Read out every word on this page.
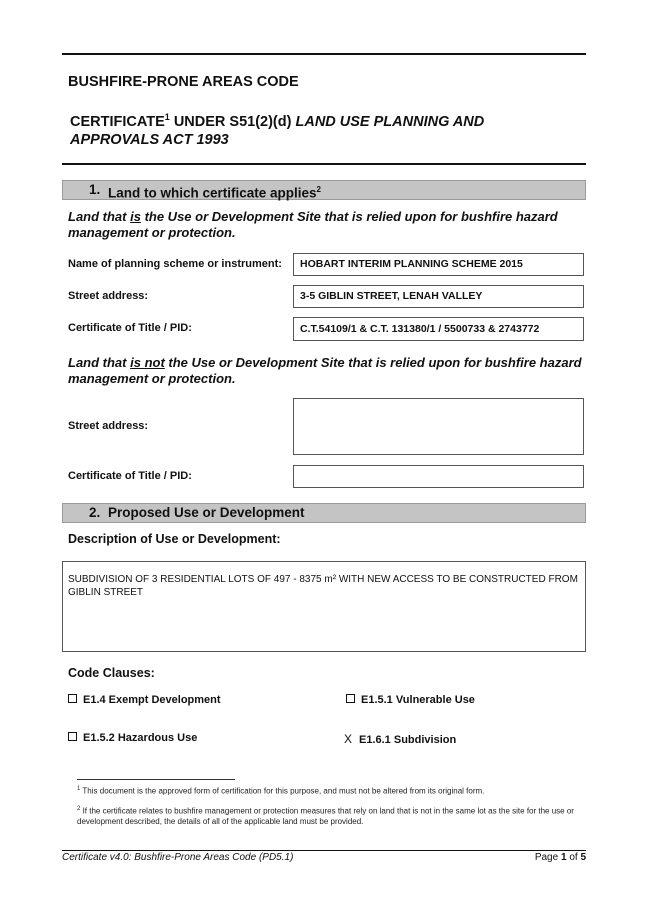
BUSHFIRE-PRONE AREAS CODE
CERTIFICATE$^1$ UNDER S51(2)(d) LAND USE PLANNING AND APPROVALS ACT 1993
1. Land to which certificate applies$^2$
Land that is the Use or Development Site that is relied upon for bushfire hazard management or protection.
Name of planning scheme or instrument:	HOBART INTERIM PLANNING SCHEME 2015
Street address:	3-5 GIBLIN STREET, LENAH VALLEY
Certificate of Title / PID:	C.T.54109/1 & C.T. 131380/1 / 5500733 & 2743772
Land that is not the Use or Development Site that is relied upon for bushfire hazard management or protection.
Street address:
Certificate of Title / PID:
2. Proposed Use or Development
Description of Use or Development:
SUBDIVISION OF 3 RESIDENTIAL LOTS OF 497 - 8375 m² WITH NEW ACCESS TO BE CONSTRUCTED FROM GIBLIN STREET
Code Clauses:
E1.4 Exempt Development	E1.5.1 Vulnerable Use
E1.5.2 Hazardous Use	X E1.6.1 Subdivision
$^1$ This document is the approved form of certification for this purpose, and must not be altered from its original form.
$^2$ If the certificate relates to bushfire management or protection measures that rely on land that is not in the same lot as the site for the use or development described, the details of all of the applicable land must be provided.
Certificate v4.0: Bushfire-Prone Areas Code (PD5.1)	Page 1 of 5
